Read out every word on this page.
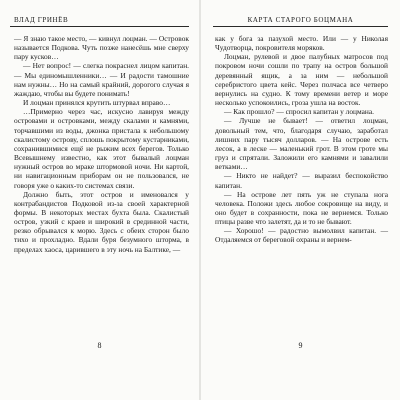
ВЛАД ГРИНЁВ

— Я знаю такое место, — кивнул лоцман. — Островок называется Подкова. Чуть позже нанесёшь мне сверху пару кусков…

— Нет вопрос! — слегка покраснел лицом капитан. — Мы единомышленники… — И радости тамошние нам нужны… Но на самый крайний, дорогого случая я жаждаю, чтобы вы будете понимать!

И лоцман принялся крутить штурвал вправо…

…Примерно через час, искусно лавируя между островами и островками, между скалами и камнями, торчавшими из воды, джонка пристала к небольшому скалистому острову, сплошь покрытому кустарниками, сохранившимися ещё не рыжим всех берегов. Только Всевышнему известно, как этот бывалый лоцман нужный остров во мраке штормовой ночи. Ни картой, ни навигационным приборам он не пользовался, не говоря уже о каких-то системах связи.

Должно быть, этот остров и именовался у контрабандистов Подковой из-за своей характерной формы. В некоторых местах бухта была. Скалистый остров, узкий с краев и широкий в срединной части, резко обрывался к морю. Здесь с обеих сторон было тихо и прохладно. Вдали буря безумного шторма, в пределах хаоса, царившего в эту ночь на Балтике, —

8
КАРТА СТАРОГО БОЦМАНА

как у бога за пазухой место. Или — у Николая Чудотворца, покровителя моряков.

Лоцман, рулевой и двое палубных матросов под покровом ночи сошли по трапу на остров большой деревянный ящик, а за ним — небольшой серебристого цвета кейс. Через полчаса все четверо вернулись на судно. К тому времени ветер и море несколько успокоились, гроза ушла на восток.

— Как прошло? — спросил капитан у лоцмана.

— Лучше не бывает! — ответил лоцман, довольный тем, что, благодаря случаю, заработал лишних пару тысяч долларов. — На острове есть лесок, а в леске — маленький грот. В этом гроте мы груз и спрятали. Заложили его камнями и завалили ветками…

— Никто не найдет? — выразил беспокойство капитан.

— На острове лет пять уж не ступала нога человека. Положи здесь любое сокровище на виду, и оно будет в сохранности, пока не вернемся. Только птицы разве что залетят, да и то не бывают.

— Хорошо! — радостно вымолвил капитан. — Отдаляемся от береговой охраны и вернем-

9
